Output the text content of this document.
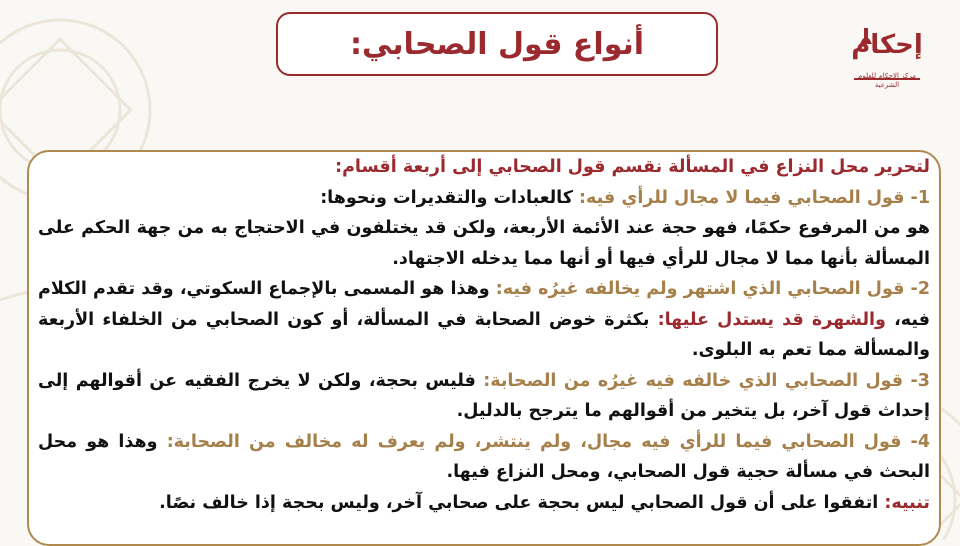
أنواع قول الصحابي:	إحكام
مركز الإحكام للعلوم الشرعية

لتحرير محل النزاع في المسألة نقسم قول الصحابي إلى أربعة أقسام:

1- قول الصحابي فيما لا مجال للرأي فيه: كالعبادات والتقديرات ونحوها:

هو من المرفوع حكمًا، فهو حجة عند الأئمة الأربعة، ولكن قد يختلفون في الاحتجاج به من جهة الحكم على المسألة بأنها مما لا مجال للرأي فيها أو أنها مما يدخله الاجتهاد.

2- قول الصحابي الذي اشتهر ولم يخالفه غيرُه فيه: وهذا هو المسمى بالإجماع السكوتي، وقد تقدم الكلام فيه، والشهرة قد يستدل عليها: بكثرة خوض الصحابة في المسألة، أو كون الصحابي من الخلفاء الأربعة والمسألة مما تعم به البلوى.

3- قول الصحابي الذي خالفه فيه غيرُه من الصحابة: فليس بحجة، ولكن لا يخرج الفقيه عن أقوالهم إلى إحداث قول آخر، بل يتخير من أقوالهم ما يترجح بالدليل.

4- قول الصحابي فيما للرأي فيه مجال، ولم ينتشر، ولم يعرف له مخالف من الصحابة: وهذا هو محل البحث في مسألة حجية قول الصحابي، ومحل النزاع فيها.

تنبيه: اتفقوا على أن قول الصحابي ليس بحجة على صحابي آخر، وليس بحجة إذا خالف نصًا.
